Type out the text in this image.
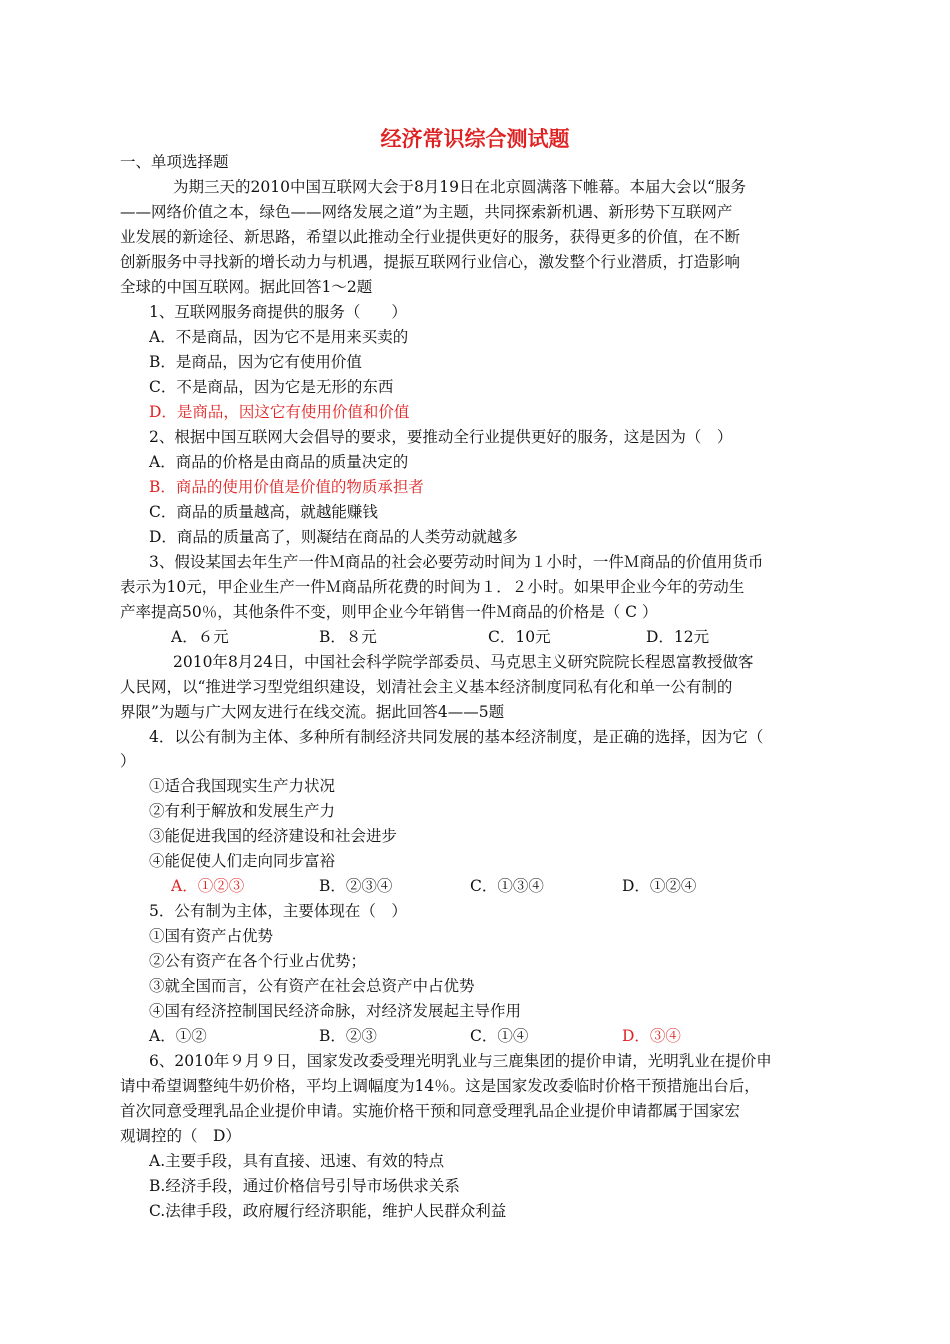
经济常识综合测试题
一、单项选择题
为期三天的2010中国互联网大会于8月19日在北京圆满落下帷幕。本届大会以“服务
——网络价值之本，绿色——网络发展之道”为主题，共同探索新机遇、新形势下互联网产
业发展的新途径、新思路，希望以此推动全行业提供更好的服务，获得更多的价值，在不断
创新服务中寻找新的增长动力与机遇，提振互联网行业信心，激发整个行业潜质，打造影响
全球的中国互联网。据此回答1～2题
1、互联网服务商提供的服务（　　）
A．不是商品，因为它不是用来买卖的
B．是商品，因为它有使用价值
C．不是商品，因为它是无形的东西
D．是商品，因这它有使用价值和价值
2、根据中国互联网大会倡导的要求，要推动全行业提供更好的服务，这是因为（　）
A．商品的价格是由商品的质量决定的
B．商品的使用价值是价值的物质承担者
C．商品的质量越高，就越能赚钱
D．商品的质量高了，则凝结在商品的人类劳动就越多
3、假设某国去年生产一件Ｍ商品的社会必要劳动时间为１小时，一件Ｍ商品的价值用货币
表示为10元，甲企业生产一件Ｍ商品所花费的时间为１．２小时。如果甲企业今年的劳动生
产率提高50％，其他条件不变，则甲企业今年销售一件Ｍ商品的价格是（ C ）
A．６元	B．８元	C．10元	D．12元
2010年8月24日，中国社会科学院学部委员、马克思主义研究院院长程恩富教授做客
人民网，以“推进学习型党组织建设，划清社会主义基本经济制度同私有化和单一公有制的
界限”为题与广大网友进行在线交流。据此回答4——5题
4．以公有制为主体、多种所有制经济共同发展的基本经济制度，是正确的选择，因为它（
）
①适合我国现实生产力状况
②有利于解放和发展生产力
③能促进我国的经济建设和社会进步
④能促使人们走向同步富裕
A．①②③	B．②③④	C．①③④	D．①②④
5．公有制为主体，主要体现在（　）
①国有资产占优势
②公有资产在各个行业占优势；
③就全国而言，公有资产在社会总资产中占优势
④国有经济控制国民经济命脉，对经济发展起主导作用
A．①②	B．②③	C．①④	D．③④
6、2010年９月９日，国家发改委受理光明乳业与三鹿集团的提价申请，光明乳业在提价申
请中希望调整纯牛奶价格，平均上调幅度为14％。这是国家发改委临时价格干预措施出台后，
首次同意受理乳品企业提价申请。实施价格干预和同意受理乳品企业提价申请都属于国家宏
观调控的（　D）
A.主要手段，具有直接、迅速、有效的特点
B.经济手段，通过价格信号引导市场供求关系
C.法律手段，政府履行经济职能，维护人民群众利益
